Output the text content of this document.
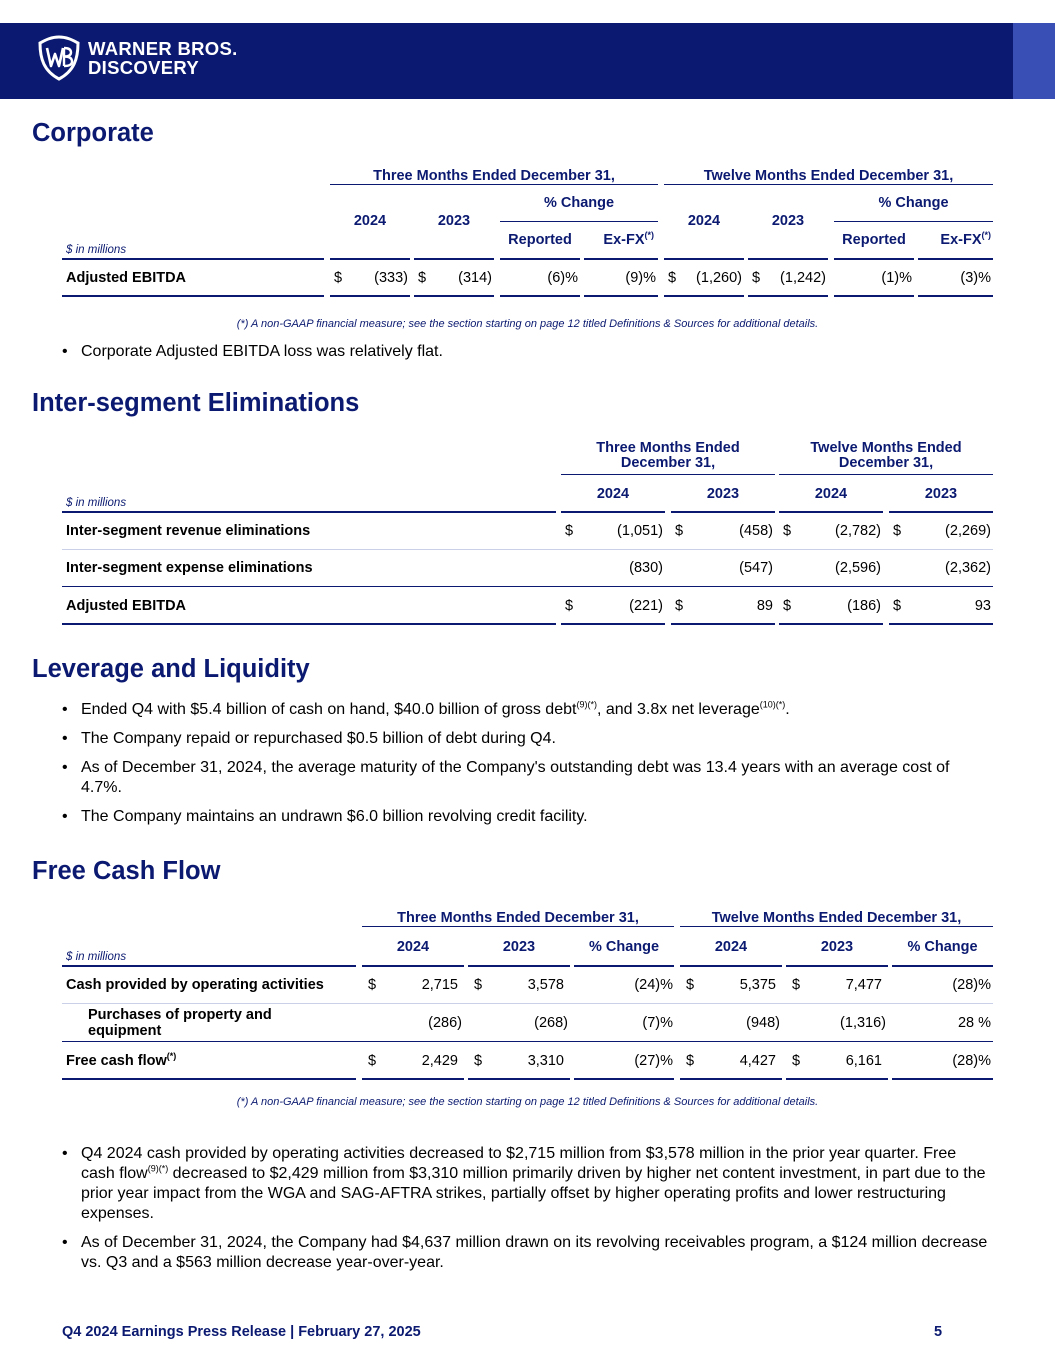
WARNER BROS.
DISCOVERY
Corporate
Three Months Ended December 31,	Twelve Months Ended December 31,
% Change	% Change
2024	2023	2024	2023
Reported	Ex-FX(*)	Reported	Ex-FX(*)
$ in millions
Adjusted EBITDA	$	(333) $	(314)	(6)%	(9)% $	(1,260) $	(1,242)	(1)%	(3)%
(*) A non-GAAP financial measure; see the section starting on page 12 titled Definitions & Sources for additional details.
• Corporate Adjusted EBITDA loss was relatively flat.
Inter-segment Eliminations
Three Months Ended
December 31,
Twelve Months Ended
December 31,
2024	2023	2024	2023
$ in millions
Inter-segment revenue eliminations	$	(1,051) $	(458) $	(2,782) $	(2,269)
Inter-segment expense eliminations	(830)	(547)	(2,596)	(2,362)
Adjusted EBITDA	$	(221) $	89 $	(186) $	93
Leverage and Liquidity
• Ended Q4 with $5.4 billion of cash on hand, $40.0 billion of gross debt$^{(9)(*)}$, and 3.8x net leverage$^{(10)(*)}$.
• The Company repaid or repurchased $0.5 billion of debt during Q4.
• As of December 31, 2024, the average maturity of the Company's outstanding debt was 13.4 years with an average cost of 4.7%.
• The Company maintains an undrawn $6.0 billion revolving credit facility.
Free Cash Flow
Three Months Ended December 31,	Twelve Months Ended December 31,
2024	2023	% Change	2024	2023	% Change
$ in millions
Cash provided by operating activities	$	2,715 $	3,578	(24)% $	5,375 $	7,477	(28)%
Purchases of property and equipment	(286)	(268)	(7)%	(948)	(1,316)	28 %
Free cash flow(*)	$	2,429 $	3,310	(27)% $	4,427 $	6,161	(28)%
(*) A non-GAAP financial measure; see the section starting on page 12 titled Definitions & Sources for additional details.
• Q4 2024 cash provided by operating activities decreased to $2,715 million from $3,578 million in the prior year quarter. Free cash flow$^{(9)(*)}$ decreased to $2,429 million from $3,310 million primarily driven by higher net content investment, in part due to the prior year impact from the WGA and SAG-AFTRA strikes, partially offset by higher operating profits and lower restructuring expenses.
• As of December 31, 2024, the Company had $4,637 million drawn on its revolving receivables program, a $124 million decrease vs. Q3 and a $563 million decrease year-over-year.
Q4 2024 Earnings Press Release | February 27, 2025	5
